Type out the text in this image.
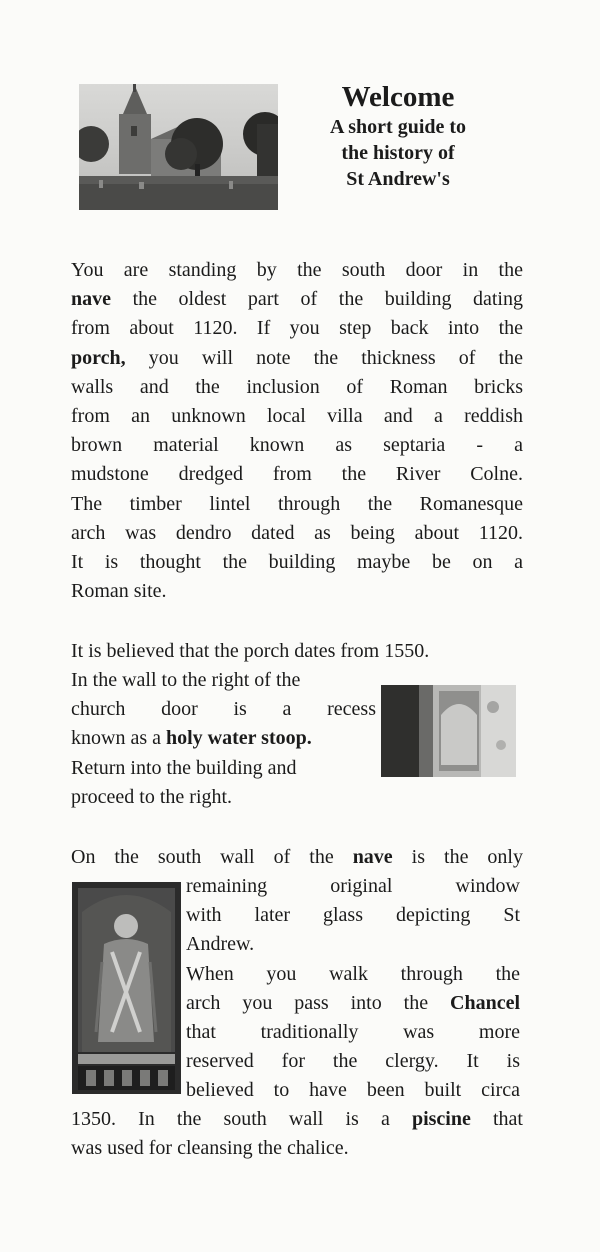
Welcome
A short guide to
the history of
St Andrew's
You are standing by the south door in the
nave the oldest part of the building dating
from about 1120. If you step back into the
porch, you will note the thickness of the
walls and the inclusion of Roman bricks
from an unknown local villa and a reddish
brown material known as septaria - a
mudstone dredged from the River Colne.
The timber lintel through the Romanesque
arch was dendro dated as being about 1120.
It is thought the building maybe be on a
Roman site.
It is believed that the porch dates from 1550.
In the wall to the right of the
church door is a recess
known as a holy water stoop.
Return into the building and
proceed to the right.
On the south wall of the nave is the only
remaining original window
with later glass depicting St
Andrew.
When you walk through the
arch you pass into the Chancel
that traditionally was more
reserved for the clergy. It is
believed to have been built circa
1350. In the south wall is a piscine that
was used for cleansing the chalice.
